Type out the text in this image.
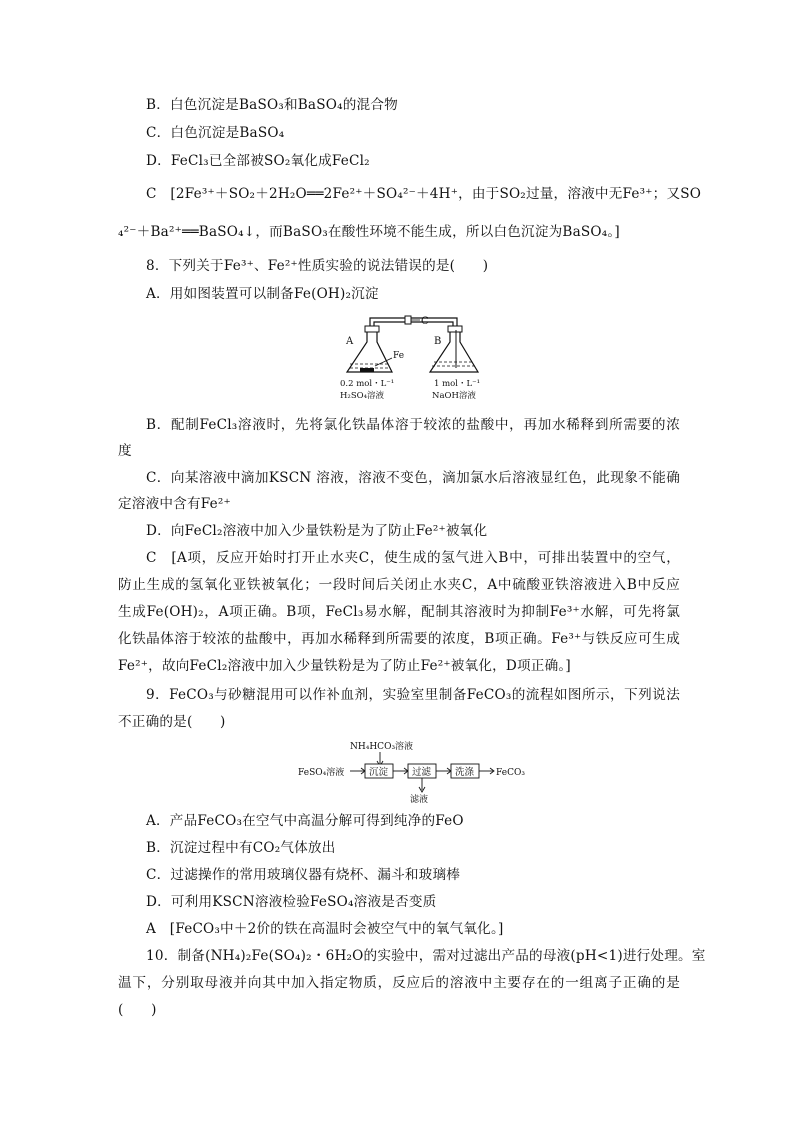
B．白色沉淀是BaSO₃和BaSO₄的混合物
C．白色沉淀是BaSO₄
D．FeCl₃已全部被SO₂氧化成FeCl₂
C　[2Fe³⁺＋SO₂＋2H₂O══2Fe²⁺＋SO₄²⁻＋4H⁺，由于SO₂过量，溶液中无Fe³⁺；又SO
₄²⁻＋Ba²⁺══BaSO₄↓，而BaSO₃在酸性环境不能生成，所以白色沉淀为BaSO₄。]
8．下列关于Fe³⁺、Fe²⁺性质实验的说法错误的是(　　)
A．用如图装置可以制备Fe(OH)₂沉淀
C
Fe
A	B
0.2 mol・L⁻¹
H₂SO₄溶液
1 mol・L⁻¹
NaOH溶液
B．配制FeCl₃溶液时，先将氯化铁晶体溶于较浓的盐酸中，再加水稀释到所需要的浓
度
C．向某溶液中滴加KSCN 溶液，溶液不变色，滴加氯水后溶液显红色，此现象不能确
定溶液中含有Fe²⁺
D．向FeCl₂溶液中加入少量铁粉是为了防止Fe²⁺被氧化
C　[A项，反应开始时打开止水夹C，使生成的氢气进入B中，可排出装置中的空气，
防止生成的氢氧化亚铁被氧化；一段时间后关闭止水夹C，A中硫酸亚铁溶液进入B中反应
生成Fe(OH)₂，A项正确。B项，FeCl₃易水解，配制其溶液时为抑制Fe³⁺水解，可先将氯
化铁晶体溶于较浓的盐酸中，再加水稀释到所需要的浓度，B项正确。Fe³⁺与铁反应可生成
Fe²⁺，故向FeCl₂溶液中加入少量铁粉是为了防止Fe²⁺被氧化，D项正确。]
9．FeCO₃与砂糖混用可以作补血剂，实验室里制备FeCO₃的流程如图所示，下列说法
不正确的是(　　)
NH₄HCO₃溶液
FeSO₄溶液	沉淀	过滤
滤液
洗涤 FeCO₃
A．产品FeCO₃在空气中高温分解可得到纯净的FeO
B．沉淀过程中有CO₂气体放出
C．过滤操作的常用玻璃仪器有烧杯、漏斗和玻璃棒
D．可利用KSCN溶液检验FeSO₄溶液是否变质
A　[FeCO₃中＋2价的铁在高温时会被空气中的氧气氧化。]
10．制备(NH₄)₂Fe(SO₄)₂・6H₂O的实验中，需对过滤出产品的母液(pH<1)进行处理。室
温下，分别取母液并向其中加入指定物质，反应后的溶液中主要存在的一组离子正确的是
(　　)
